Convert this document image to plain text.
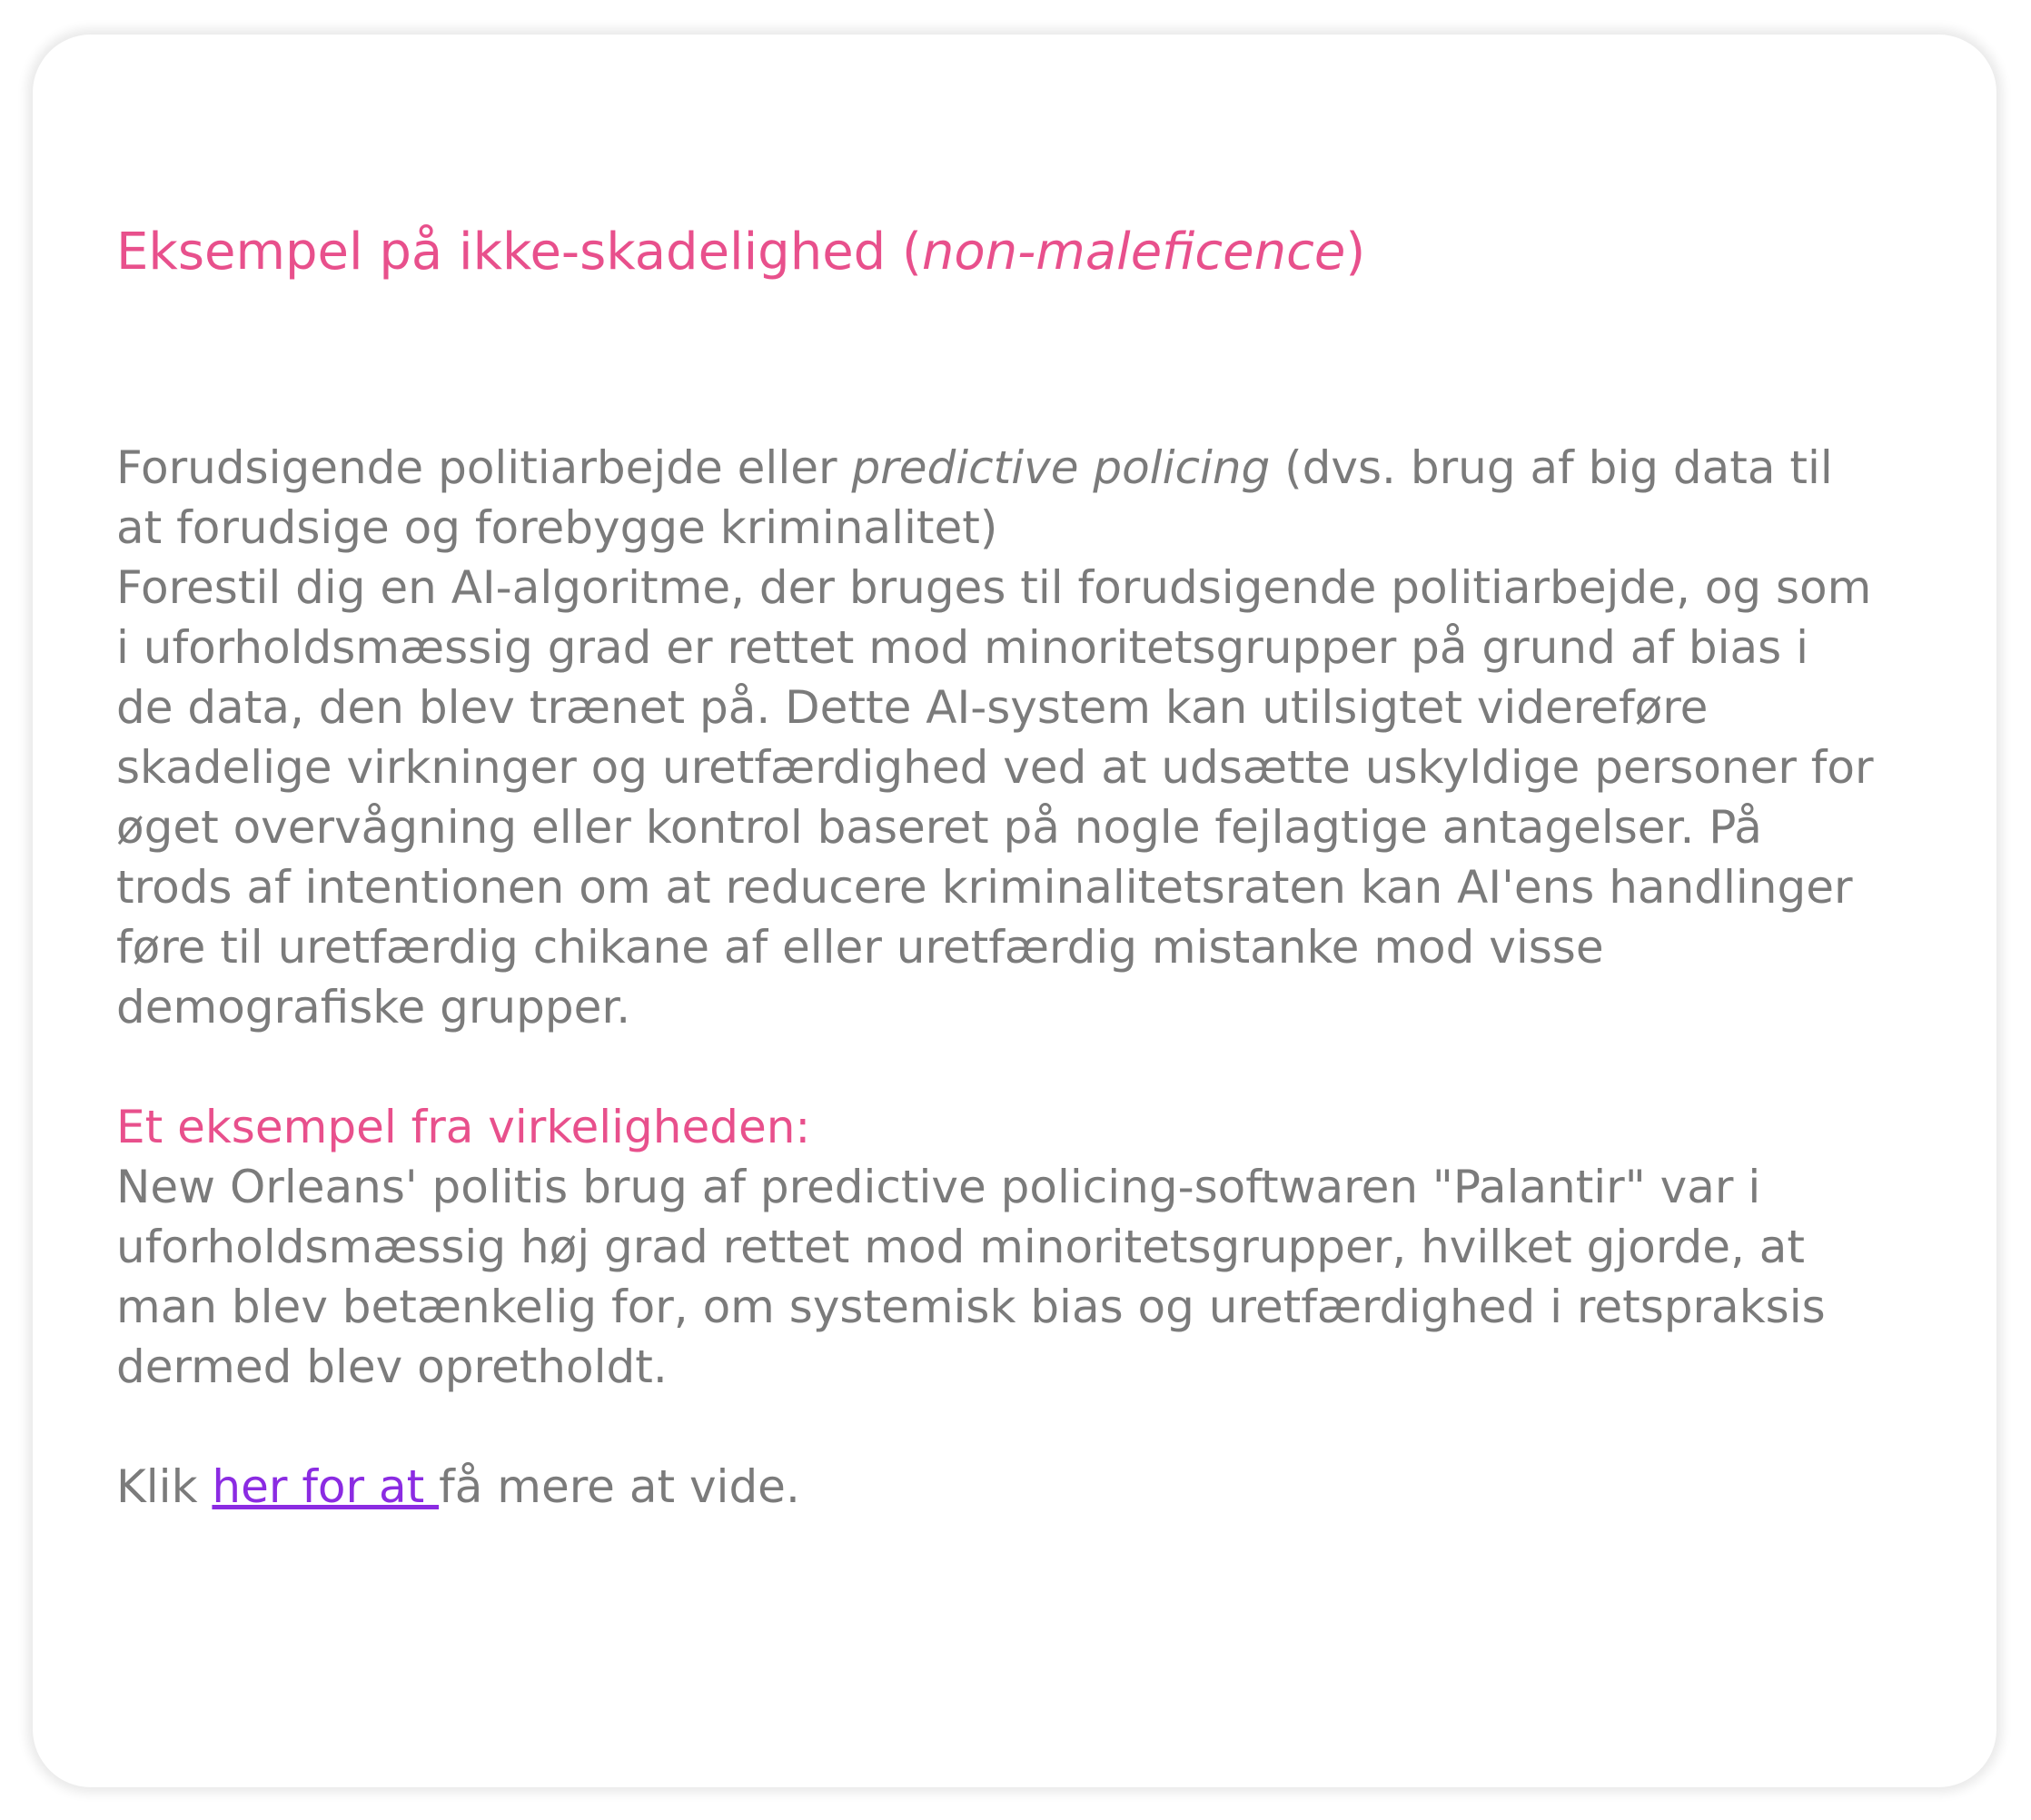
Eksempel på ikke-skadelighed (non-maleficence)

Forudsigende politiarbejde eller predictive policing (dvs. brug af big data til at forudsige og forebygge kriminalitet)

Forestil dig en AI-algoritme, der bruges til forudsigende politiarbejde, og som i uforholdsmæssig grad er rettet mod minoritetsgrupper på grund af bias i de data, den blev trænet på. Dette AI-system kan utilsigtet videreføre skadelige virkninger og uretfærdighed ved at udsætte uskyldige personer for øget overvågning eller kontrol baseret på nogle fejlagtige antagelser. På trods af intentionen om at reducere kriminalitetsraten kan AI'ens handlinger føre til uretfærdig chikane af eller uretfærdig mistanke mod visse demografiske grupper.

Et eksempel fra virkeligheden:

New Orleans' politis brug af predictive policing-softwaren "Palantir" var i uforholdsmæssig høj grad rettet mod minoritetsgrupper, hvilket gjorde, at man blev betænkelig for, om systemisk bias og uretfærdighed i retspraksis dermed blev opretholdt.

Klik her for at få mere at vide.
